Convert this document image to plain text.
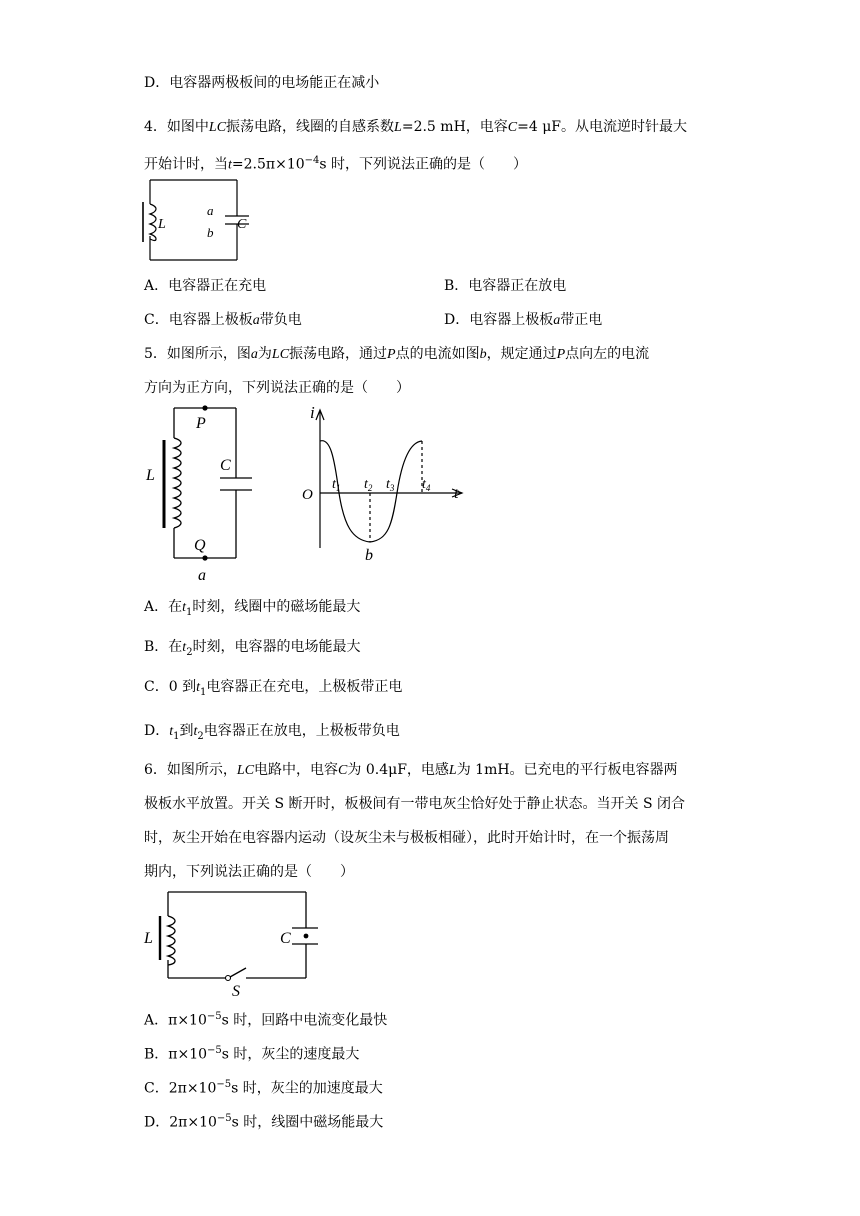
D．电容器两极板间的电场能正在减小
4．如图中LC振荡电路，线圈的自感系数L=2.5 mH，电容C=4 μF。从电流逆时针最大
开始计时，当$t=2.5\pi\times 10^{-4}s$ 时，下列说法正确的是（　　）
L
a
b
C
A．电容器正在充电	B．电容器正在放电
C．电容器上极板a带负电	D．电容器上极板a带正电
5．如图所示，图a为LC振荡电路，通过P点的电流如图b，规定通过P点向左的电流
方向为正方向，下列说法正确的是（　　）
P
L
C
Q
a
i
O
$t_1$ $t_2$ $t_3$ $t_4$ t
b
A．在$t_1$时刻，线圈中的磁场能最大
B．在$t_2$时刻，电容器的电场能最大
C．0 到$t_1$电容器正在充电，上极板带正电
D．$t_1$到$t_2$电容器正在放电，上极板带负电
6．如图所示，LC电路中，电容C为 0.4μF，电感L为 1mH。已充电的平行板电容器两
极板水平放置。开关 S 断开时，板极间有一带电灰尘恰好处于静止状态。当开关 S 闭合
时，灰尘开始在电容器内运动（设灰尘未与极板相碰），此时开始计时，在一个振荡周
期内，下列说法正确的是（　　）
L	C
S
A．$\pi\times 10^{-5}s$ 时，回路中电流变化最快
B．$\pi\times 10^{-5}s$ 时，灰尘的速度最大
C．$2\pi\times 10^{-5}s$ 时，灰尘的加速度最大
D．$2\pi\times 10^{-5}s$ 时，线圈中磁场能最大
